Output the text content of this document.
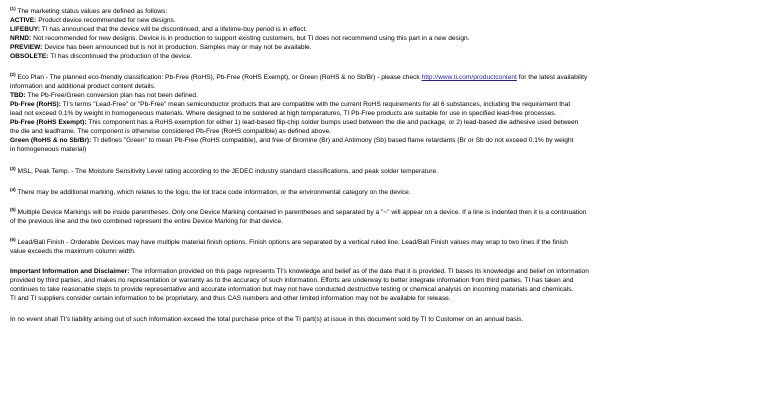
$^{(1)}$ The marketing status values are defined as follows:
ACTIVE: Product device recommended for new designs.
LIFEBUY: TI has announced that the device will be discontinued, and a lifetime-buy period is in effect.
NRND: Not recommended for new designs. Device is in production to support existing customers, but TI does not recommend using this part in a new design.
PREVIEW: Device has been announced but is not in production. Samples may or may not be available.
OBSOLETE: TI has discontinued the production of the device.
$^{(2)}$ Eco Plan - The planned eco-friendly classification: Pb-Free (RoHS), Pb-Free (RoHS Exempt), or Green (RoHS & no Sb/Br) - please check http://www.ti.com/productcontent for the latest availability
information and additional product content details.
TBD: The Pb-Free/Green conversion plan has not been defined.
Pb-Free (RoHS): TI's terms "Lead-Free" or "Pb-Free" mean semiconductor products that are compatible with the current RoHS requirements for all 6 substances, including the requirement that
lead not exceed 0.1% by weight in homogeneous materials. Where designed to be soldered at high temperatures, TI Pb-Free products are suitable for use in specified lead-free processes.
Pb-Free (RoHS Exempt): This component has a RoHS exemption for either 1) lead-based flip-chip solder bumps used between the die and package, or 2) lead-based die adhesive used between
the die and leadframe. The component is otherwise considered Pb-Free (RoHS compatible) as defined above.
Green (RoHS & no Sb/Br): TI defines "Green" to mean Pb-Free (RoHS compatible), and free of Bromine (Br) and Antimony (Sb) based flame retardants (Br or Sb do not exceed 0.1% by weight
in homogeneous material)
$^{(3)}$ MSL, Peak Temp. - The Moisture Sensitivity Level rating according to the JEDEC industry standard classifications, and peak solder temperature.
$^{(4)}$ There may be additional marking, which relates to the logo, the lot trace code information, or the environmental category on the device.
$^{(5)}$ Multiple Device Markings will be inside parentheses. Only one Device Marking contained in parentheses and separated by a "~" will appear on a device. If a line is indented then it is a continuation
of the previous line and the two combined represent the entire Device Marking for that device.
$^{(6)}$ Lead/Ball Finish - Orderable Devices may have multiple material finish options. Finish options are separated by a vertical ruled line. Lead/Ball Finish values may wrap to two lines if the finish
value exceeds the maximum column width.
Important Information and Disclaimer: The information provided on this page represents TI's knowledge and belief as of the date that it is provided. TI bases its knowledge and belief on information
provided by third parties, and makes no representation or warranty as to the accuracy of such information. Efforts are underway to better integrate information from third parties. TI has taken and
continues to take reasonable steps to provide representative and accurate information but may not have conducted destructive testing or chemical analysis on incoming materials and chemicals.
TI and TI suppliers consider certain information to be proprietary, and thus CAS numbers and other limited information may not be available for release.
In no event shall TI's liability arising out of such information exceed the total purchase price of the TI part(s) at issue in this document sold by TI to Customer on an annual basis.
